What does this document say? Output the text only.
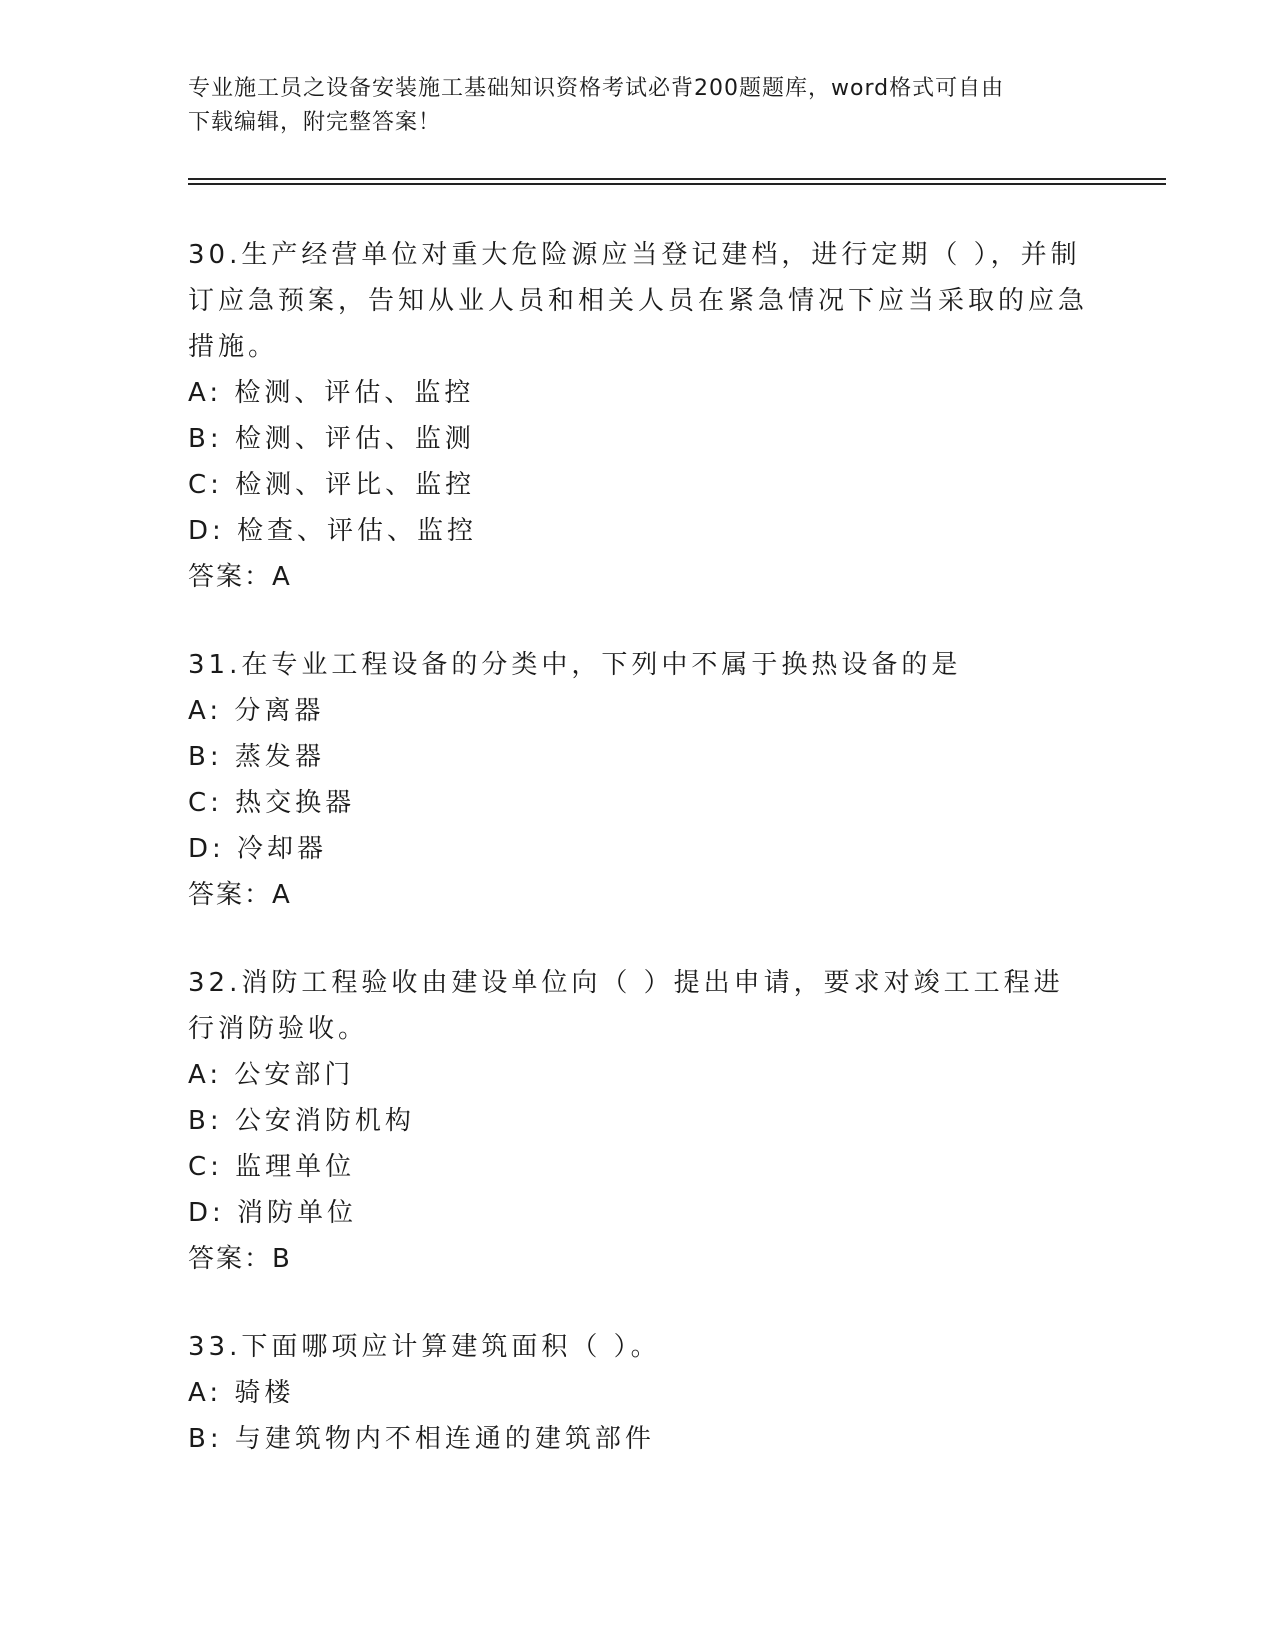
专业施工员之设备安装施工基础知识资格考试必背200题题库，word格式可自由
下载编辑，附完整答案！
30.生产经营单位对重大危险源应当登记建档，进行定期（ ），并制订应急预案，告知从业人员和相关人员在紧急情况下应当采取的应急措施。
A: 检测、评估、监控
B: 检测、评估、监测
C: 检测、评比、监控
D: 检查、评估、监控
答案：A
31.在专业工程设备的分类中，下列中不属于换热设备的是
A: 分离器
B: 蒸发器
C: 热交换器
D: 冷却器
答案：A
32.消防工程验收由建设单位向（ ）提出申请，要求对竣工工程进行消防验收。
A: 公安部门
B: 公安消防机构
C: 监理单位
D: 消防单位
答案：B
33.下面哪项应计算建筑面积（ ）。
A: 骑楼
B: 与建筑物内不相连通的建筑部件
